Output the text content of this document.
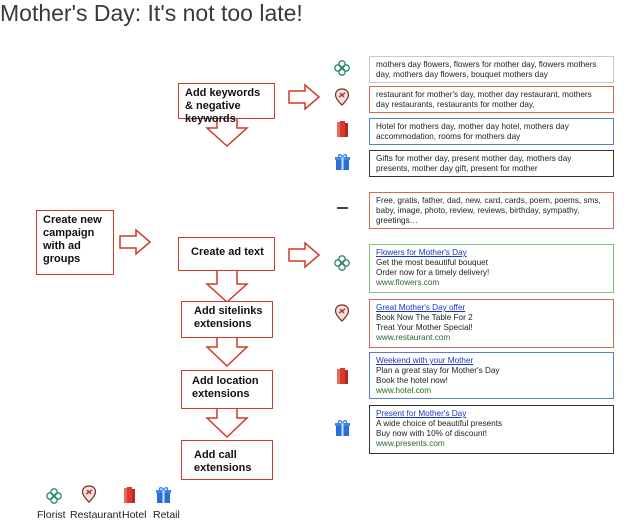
Mother's Day: It's not too late!
Create new campaign with ad groups
Add keywords & negative keywords
Create ad text
Add sitelinks extensions
Add location extensions
Add call extensions
mothers day flowers, flowers for mother day, flowers mothers day, mothers day flowers, bouquet mothers day
restaurant for mother's day, mother day restaurant, mothers day restaurants, restaurants for mother day,
Hotel for mothers day, mother day hotel, mothers day accommodation, rooms for mothers day
Gifts for mother day, present mother day, mothers day presents, mother day gift, present for mother
Free, gratis, father, dad, new, card, cards, poem, poems, sms, baby, image, photo, review, reviews, birthday, sympathy, greetings…
Flowers for Mother's Day
Get the most beautiful bouquet
Order now for a timely delivery!
www.flowers.com
Great Mother's Day offer
Book Now The Table For 2
Treat Your Mother Special!
www.restaurant.com
Weekend with your Mother
Plan a great stay for Mother's Day
Book the hotel now!
www.hotel.com
Present for Mother's Day
A wide choice of beautiful presents
Buy now with 10% of discount!
www.presents.com
Florist Restaurant Hotel Retail
